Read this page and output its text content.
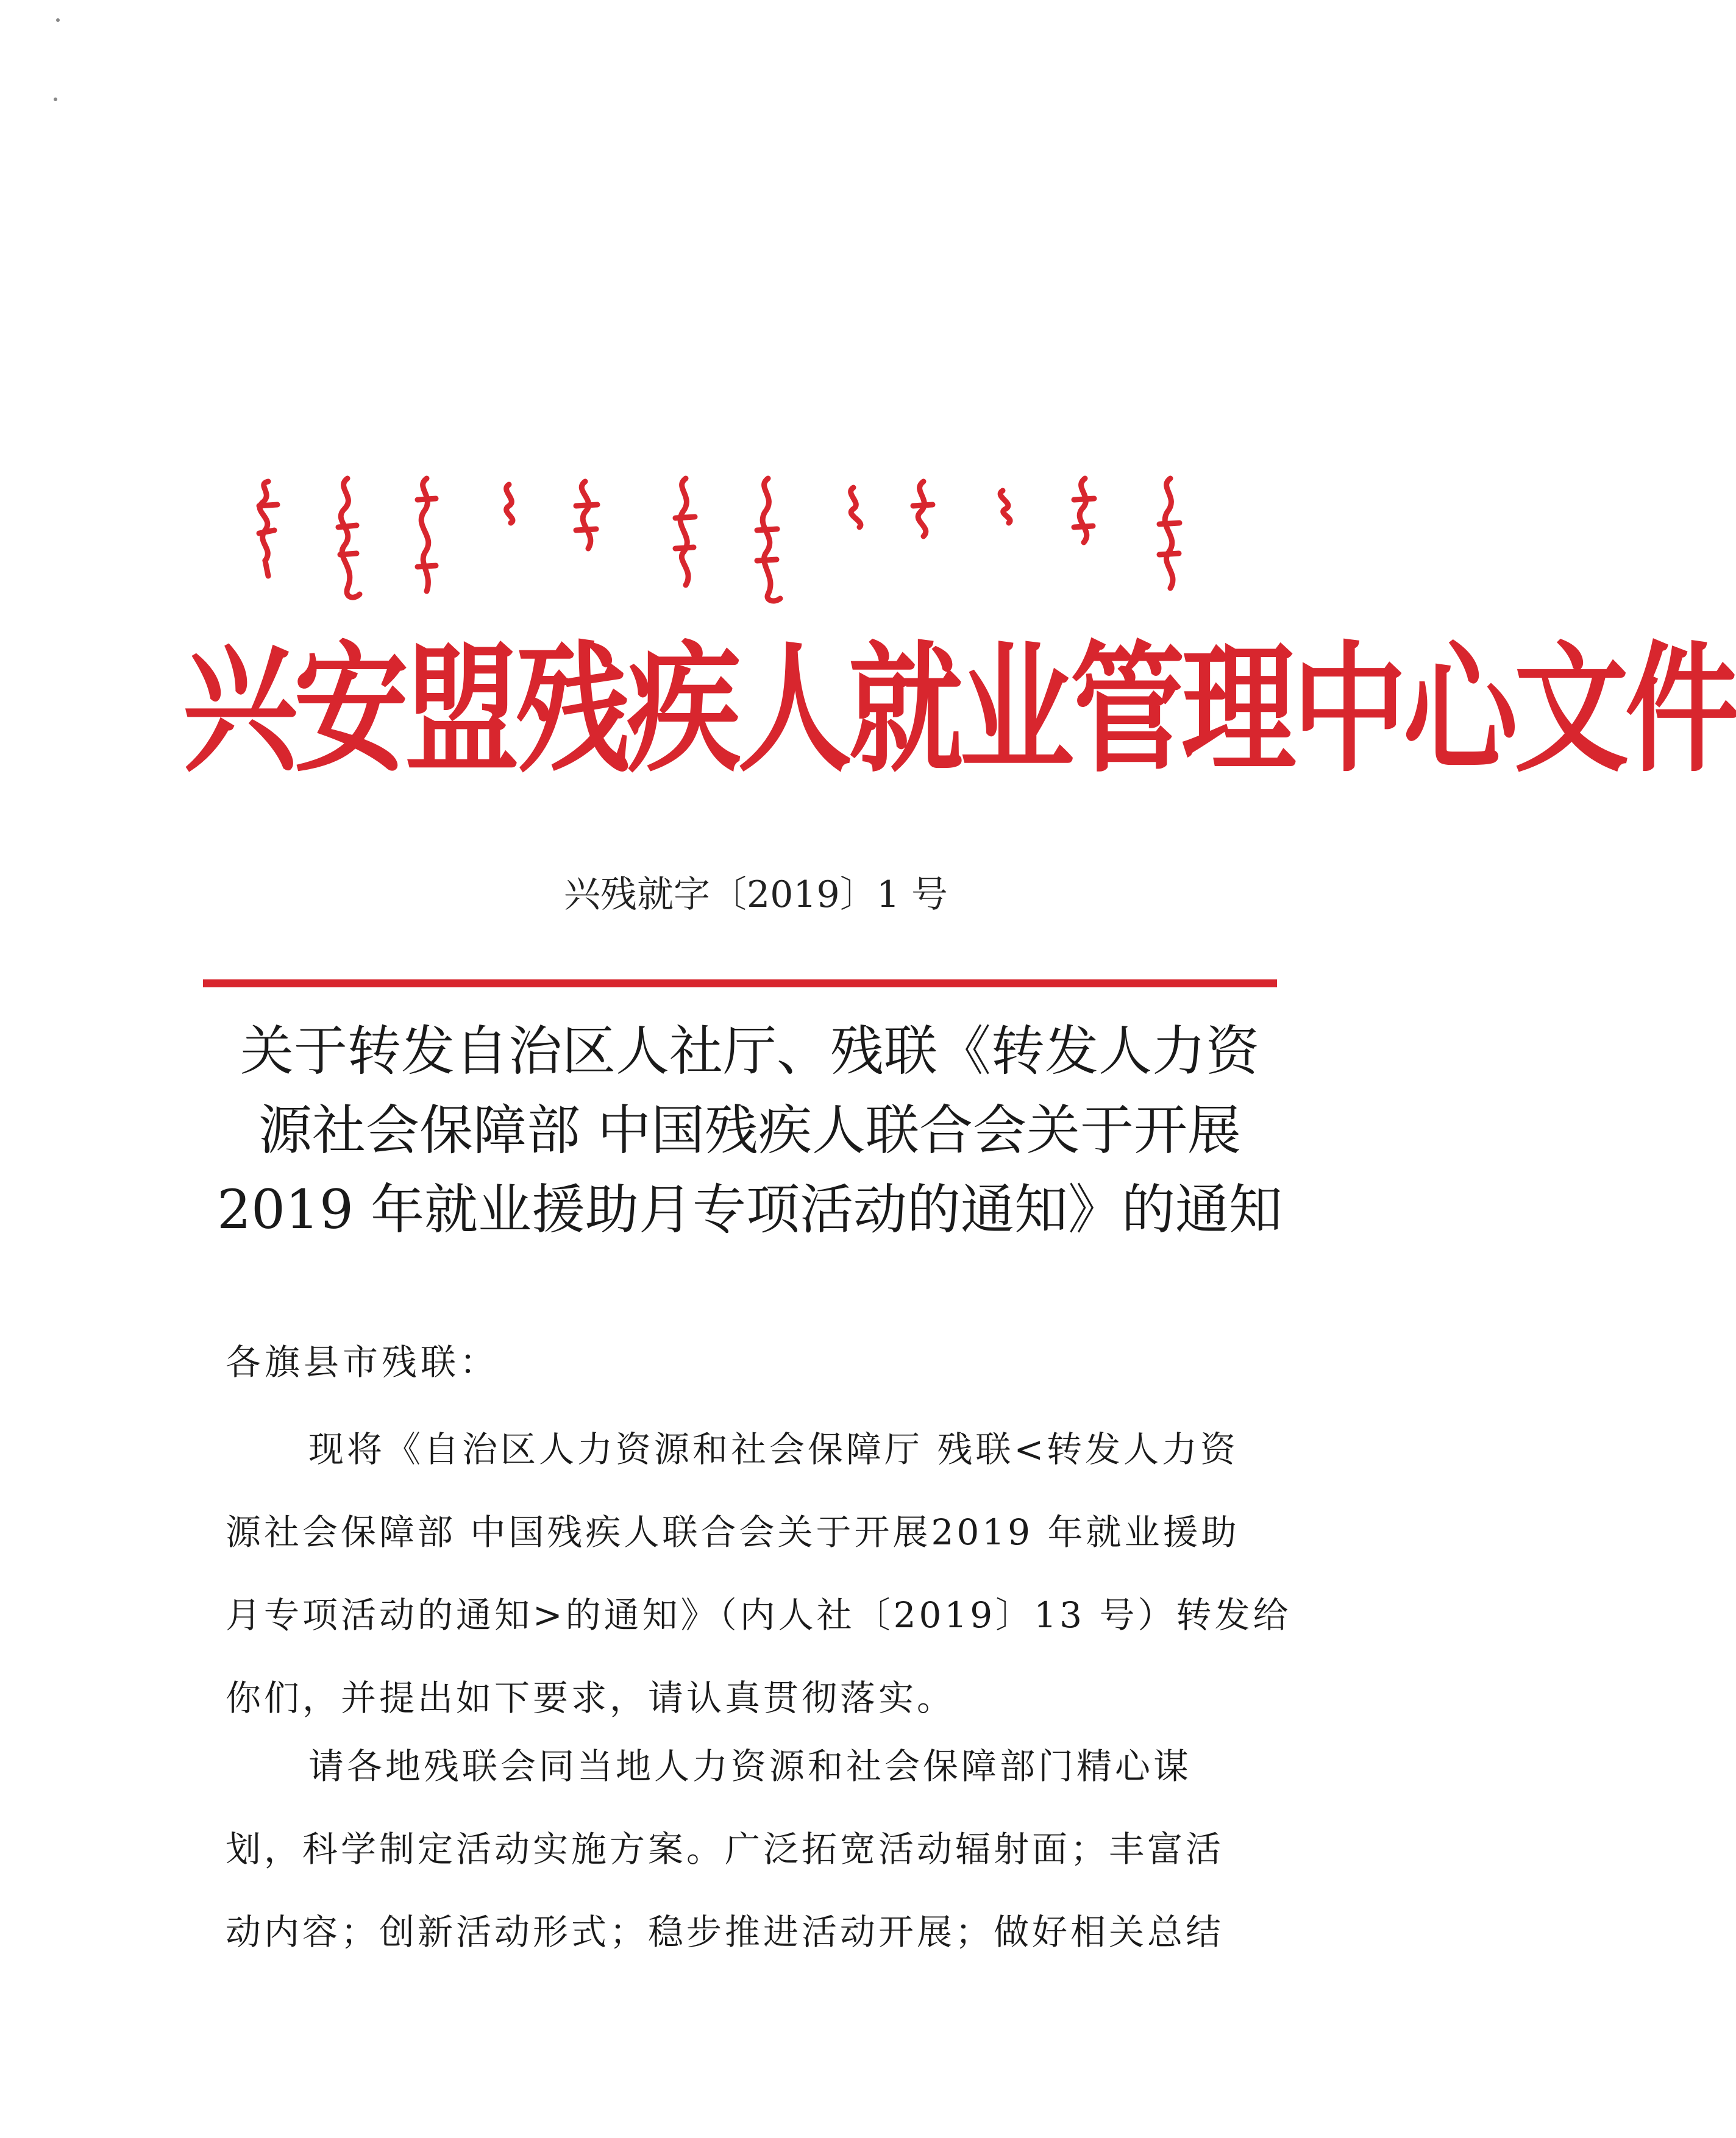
兴安盟残疾人就业管理中心文件
兴残就字〔2019〕1 号
关于转发自治区人社厅、残联《转发人力资
源社会保障部 中国残疾人联合会关于开展
2019 年就业援助月专项活动的通知》的通知
各旗县市残联：
现将《自治区人力资源和社会保障厅 残联<转发人力资
源社会保障部 中国残疾人联合会关于开展2019 年就业援助
月专项活动的通知>的通知》（内人社〔2019〕13 号）转发给
你们，并提出如下要求，请认真贯彻落实。
请各地残联会同当地人力资源和社会保障部门精心谋
划，科学制定活动实施方案。广泛拓宽活动辐射面；丰富活
动内容；创新活动形式；稳步推进活动开展；做好相关总结
